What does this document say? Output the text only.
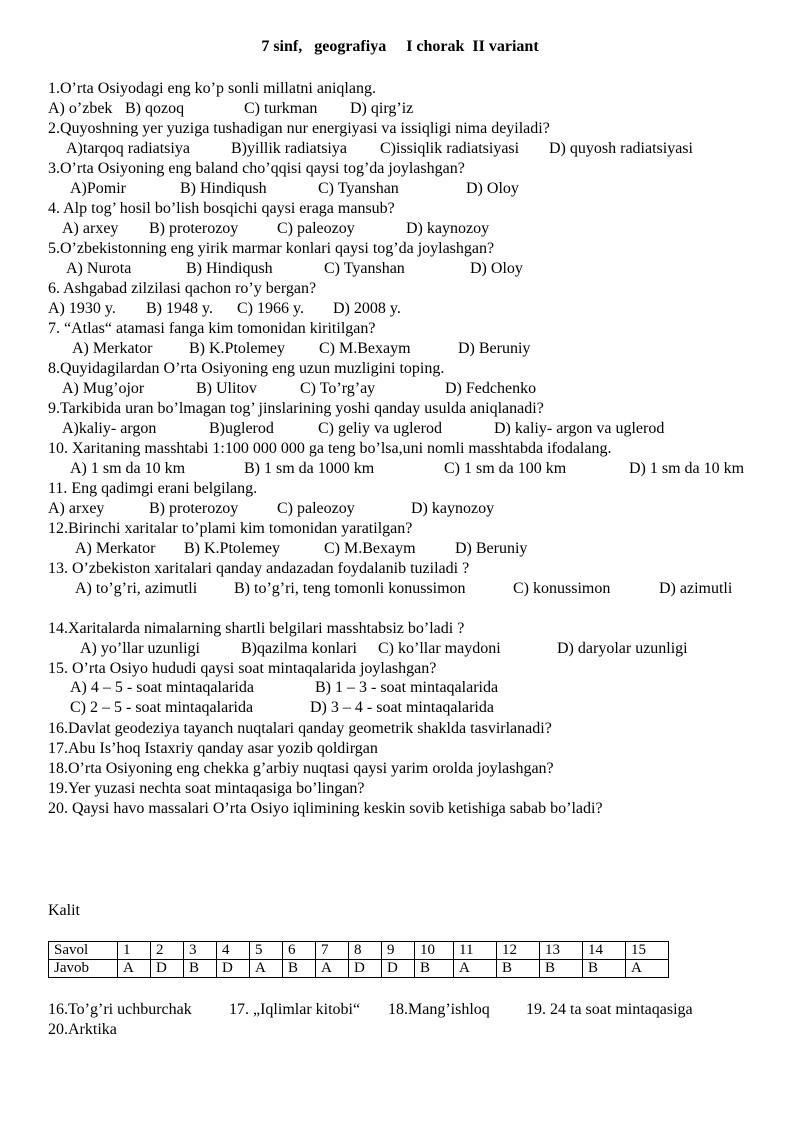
7 sinf,   geografiya     I chorak  II variant
1.O’rta Osiyodagi eng ko’p sonli millatni aniqlang.
A) o’zbek B) qozoq	C) turkman D) qirg’iz
2.Quyoshning yer yuziga tushadigan nur energiyasi va issiqligi nima deyiladi?
A)tarqoq radiatsiya	B)yillik radiatsiya C)issiqlik radiatsiyasi D) quyosh radiatsiyasi
3.O’rta Osiyoning eng baland cho’qqisi qaysi tog’da joylashgan?
A)Pomir	B) Hindiqush	C) Tyanshan	D) Oloy
4. Alp tog’ hosil bo’lish bosqichi qaysi eraga mansub?
A) arxey B) proterozoy C) paleozoy	D) kaynozoy
5.O’zbekistonning eng yirik marmar konlari qaysi tog’da joylashgan?
A) Nurota	B) Hindiqush	C) Tyanshan	D) Oloy
6. Ashgabad zilzilasi qachon ro’y bergan?
A) 1930 y. B) 1948 y. C) 1966 y. D) 2008 y.
7. “Atlas“ atamasi fanga kim tomonidan kiritilgan?
A) Merkator B) K.Ptolemey C) M.Bexaym	D) Beruniy
8.Quyidagilardan O’rta Osiyoning eng uzun muzligini toping.
A) Mug’ojor	B) Ulitov	C) To’rg’ay	D) Fedchenko
9.Tarkibida uran bo’lmagan tog’ jinslarining yoshi qanday usulda aniqlanadi?
A)kaliy- argon	B)uglerod	C) geliy va uglerod	D) kaliy- argon va uglerod
10. Xaritaning masshtabi 1:100 000 000 ga teng bo’lsa,uni nomli masshtabda ifodalang.
A) 1 sm da 10 km	B) 1 sm da 1000 km	C) 1 sm da 100 km	D) 1 sm da 10 km
11. Eng qadimgi erani belgilang.
A) arxey	B) proterozoy C) paleozoy	D) kaynozoy
12.Birinchi xaritalar to’plami kim tomonidan yaratilgan?
A) Merkator B) K.Ptolemey	C) M.Bexaym D) Beruniy
13. O’zbekiston xaritalari qanday andazadan foydalanib tuziladi ?
A) to’g’ri, azimutli B) to’g’ri, teng tomonli konussimon	C) konussimon	D) azimutli
14.Xaritalarda nimalarning shartli belgilari masshtabsiz bo’ladi ?
A) yo’llar uzunligi	B)qazilma konlari C) ko’llar maydoni	D) daryolar uzunligi
15. O’rta Osiyo hududi qaysi soat mintaqalarida joylashgan?
A) 4 – 5 - soat mintaqalarida	B) 1 – 3 - soat mintaqalarida
C) 2 – 5 - soat mintaqalarida	D) 3 – 4 - soat mintaqalarida
16.Davlat geodeziya tayanch nuqtalari qanday geometrik shaklda tasvirlanadi?
17.Abu Is’hoq Istaxriy qanday asar yozib qoldirgan
18.O’rta Osiyoning eng chekka g’arbiy nuqtasi qaysi yarim orolda joylashgan?
19.Yer yuzasi nechta soat mintaqasiga bo’lingan?
20. Qaysi havo massalari O’rta Osiyo iqlimining keskin sovib ketishiga sabab bo’ladi?
Kalit
Savol	1	2	3	4	5	6	7	8	9	10	11	12	13	14	15
Javob	A	D	B	D	A	B	A	D	D	B	A	B	B	B	A
16.To’g’ri uchburchak 17. „Iqlimlar kitobi“ 18.Mang’ishloq 19. 24 ta soat mintaqasiga
20.Arktika
